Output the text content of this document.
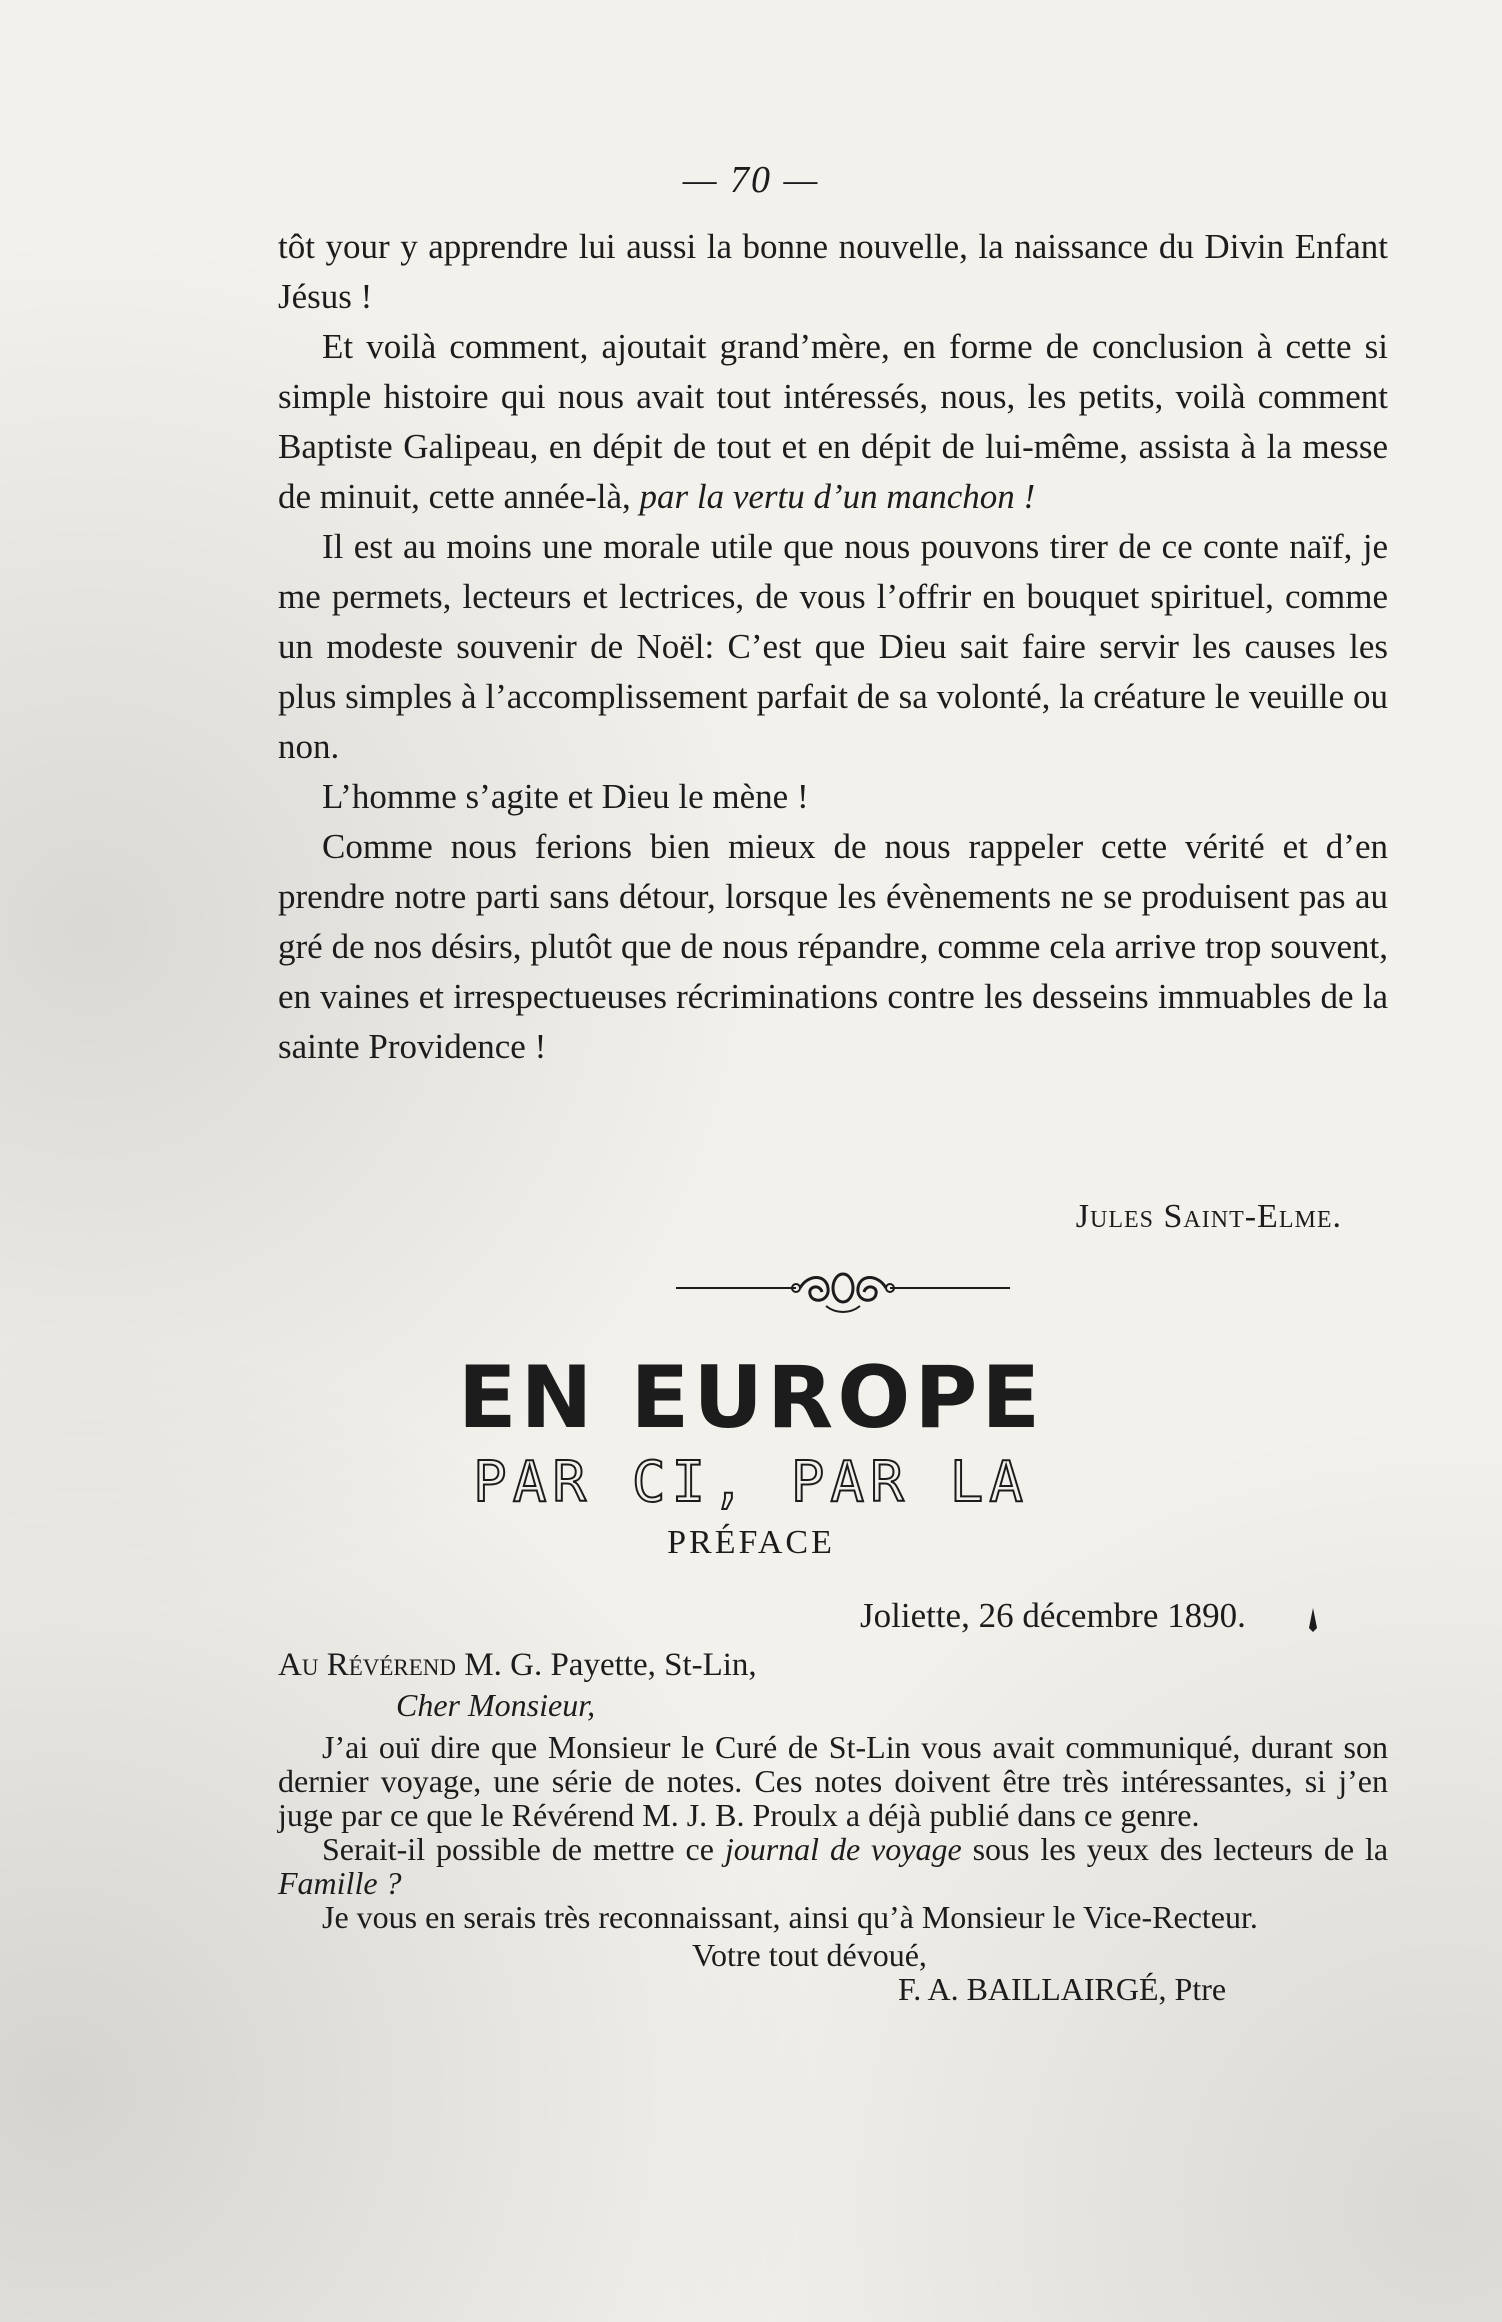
— 70 —

tôt your y apprendre lui aussi la bonne nouvelle, la naissance du Divin Enfant Jésus !

Et voilà comment, ajoutait grand’mère, en forme de conclusion à cette si simple histoire qui nous avait tout intéressés, nous, les petits, voilà comment Baptiste Galipeau, en dépit de tout et en dépit de lui-même, assista à la messe de minuit, cette année-là, par la vertu d’un manchon !

Il est au moins une morale utile que nous pouvons tirer de ce conte naïf, je me permets, lecteurs et lectrices, de vous l’offrir en bouquet spirituel, comme un modeste souvenir de Noël: C’est que Dieu sait faire servir les causes les plus simples à l’accomplissement parfait de sa volonté, la créature le veuille ou non.

L’homme s’agite et Dieu le mène !

Comme nous ferions bien mieux de nous rappeler cette vérité et d’en prendre notre parti sans détour, lorsque les évènements ne se produisent pas au gré de nos désirs, plutôt que de nous répandre, comme cela arrive trop souvent, en vaines et irrespectueuses récriminations contre les desseins immuables de la sainte Providence !

Jules Saint-Elme.
EN EUROPE
PAR CI, PAR LA
PRÉFACE
Joliette, 26 décembre 1890.

Au Révérend M. G. Payette, St-Lin,

Cher Monsieur,

J’ai ouï dire que Monsieur le Curé de St-Lin vous avait communiqué, durant son dernier voyage, une série de notes. Ces notes doivent être très intéressantes, si j’en juge par ce que le Révérend M. J. B. Proulx a déjà publié dans ce genre.

Serait-il possible de mettre ce journal de voyage sous les yeux des lecteurs de la Famille ?

Je vous en serais très reconnaissant, ainsi qu’à Monsieur le Vice-Recteur.

Votre tout dévoué,

F. A. BAILLAIRGÉ, Ptre
